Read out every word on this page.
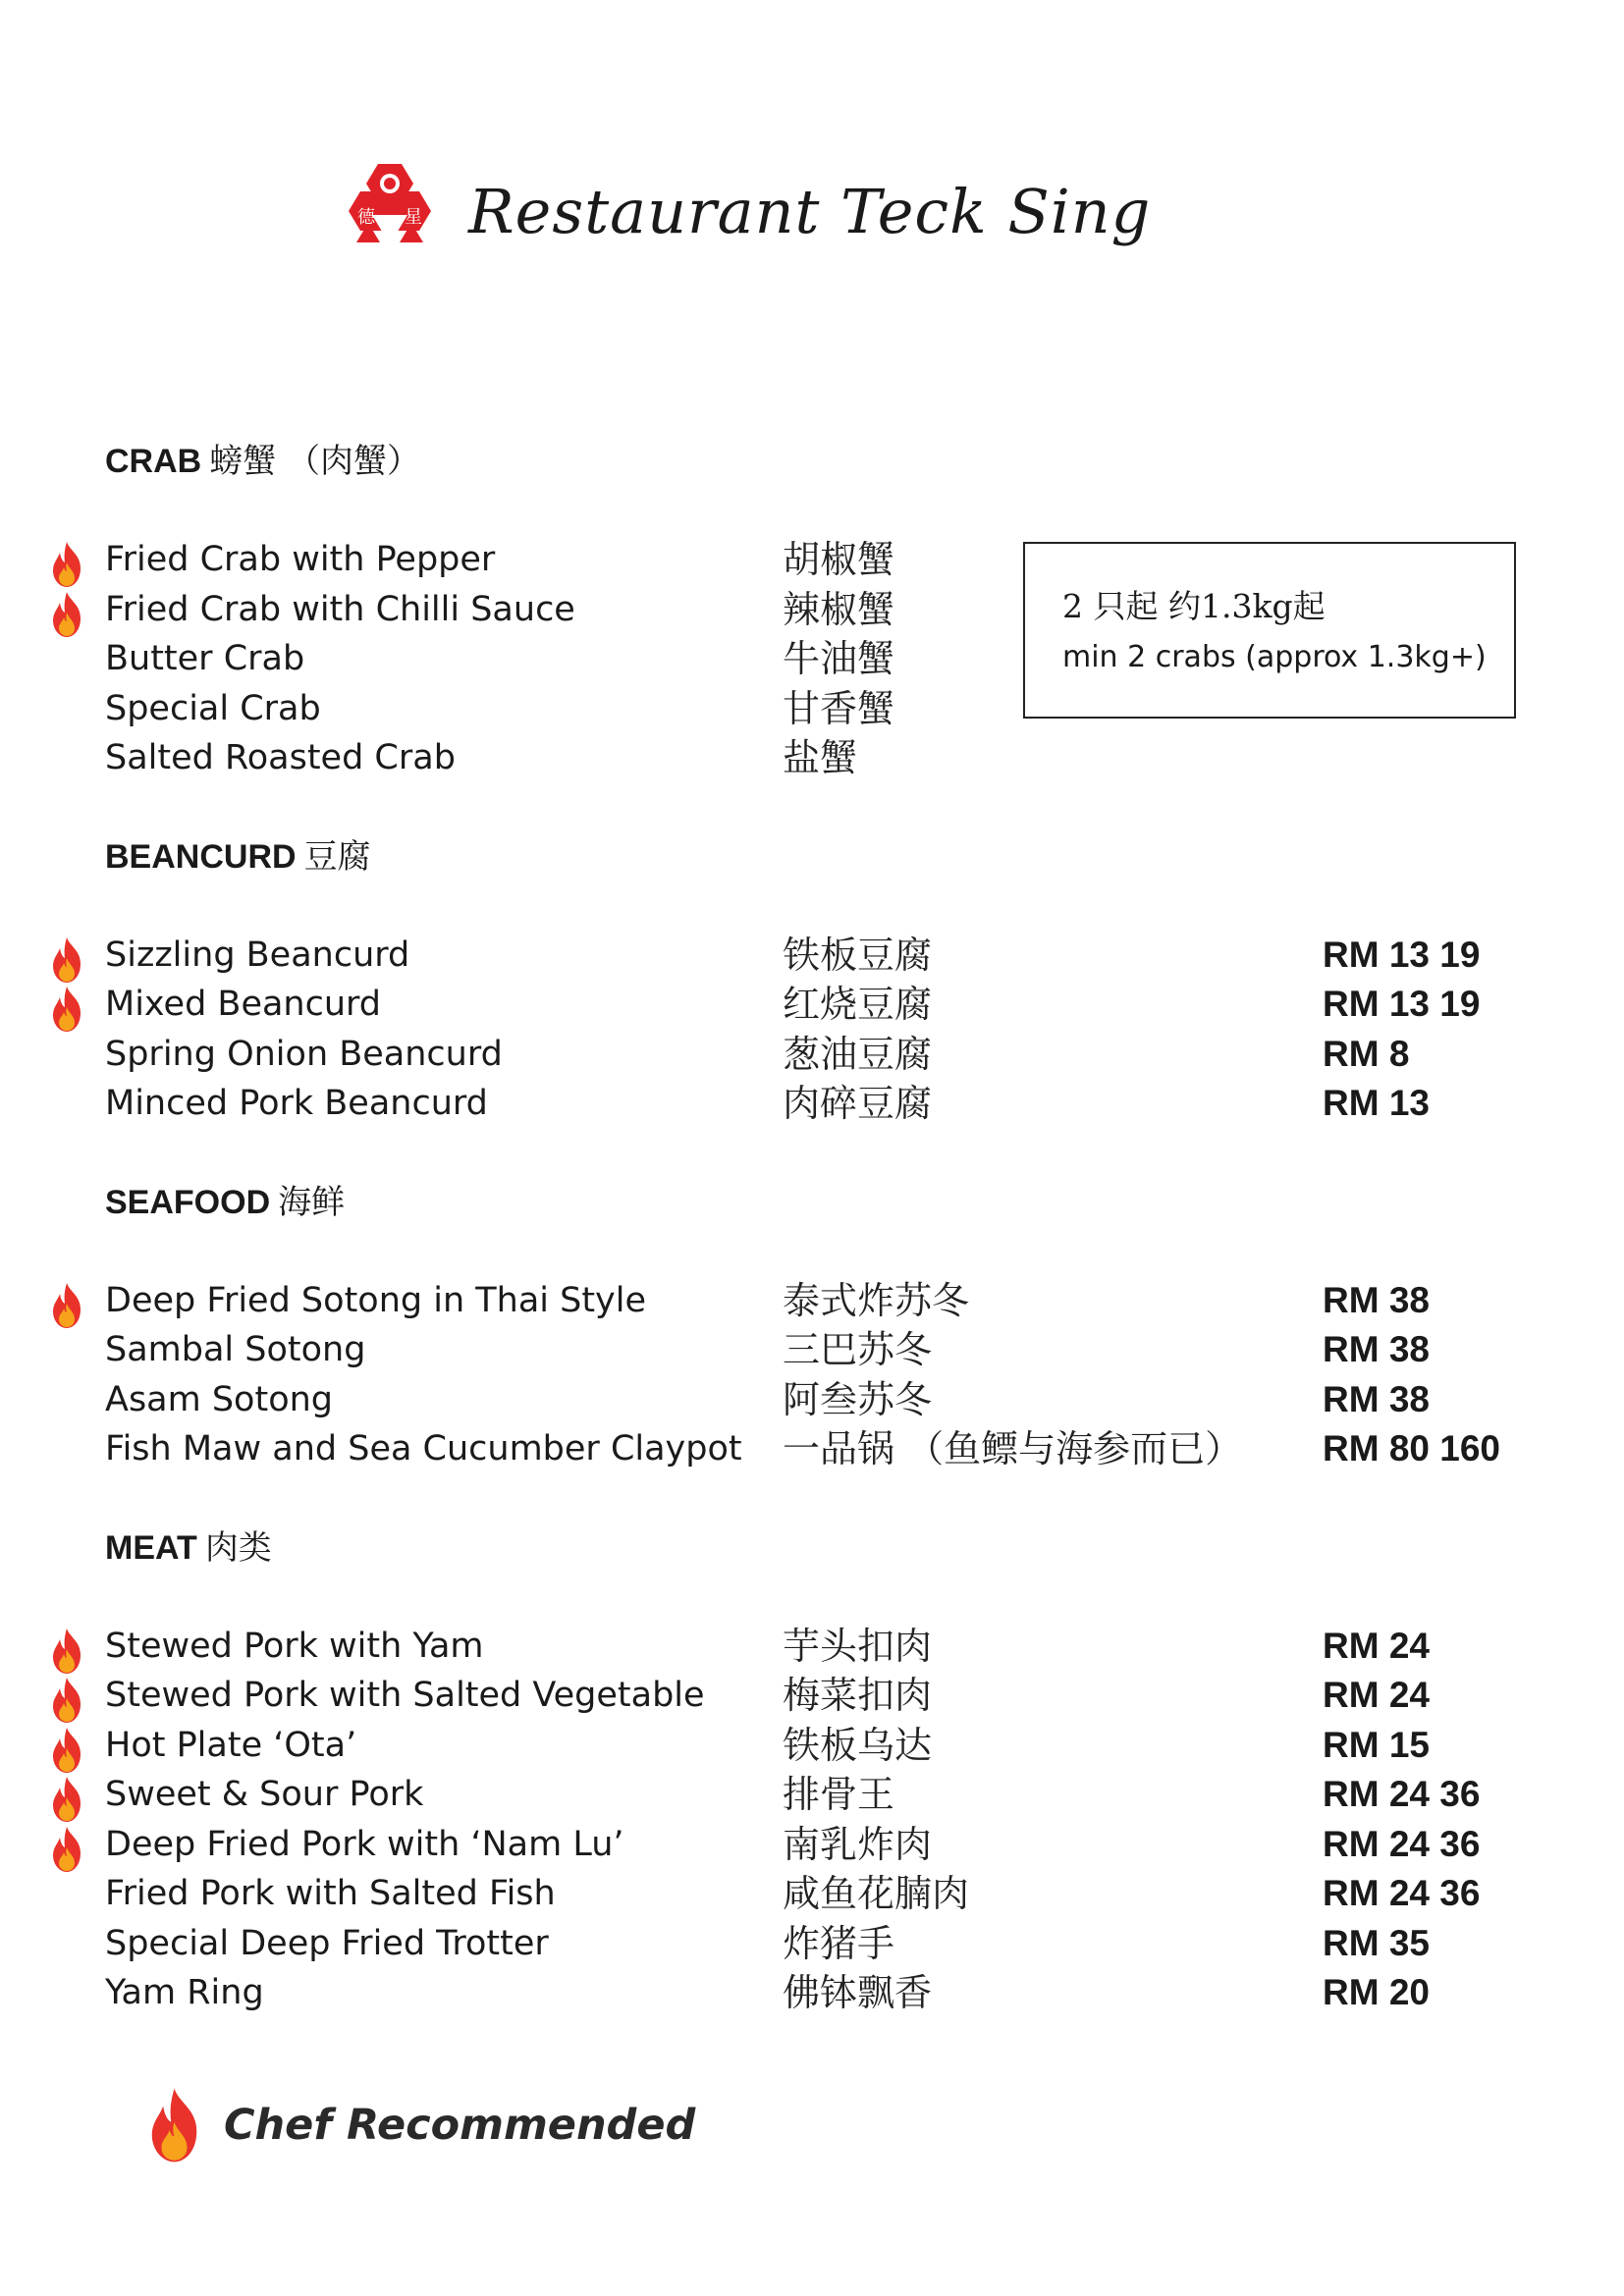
德 星 Restaurant Teck Sing
CRAB 螃蟹 （肉蟹）
Fried Crab with Pepper	胡椒蟹
Fried Crab with Chilli Sauce	辣椒蟹
Butter Crab	牛油蟹
Special Crab	甘香蟹
Salted Roasted Crab	盐蟹
2 只起 约1.3kg起
min 2 crabs (approx 1.3kg+)
BEANCURD 豆腐
Sizzling Beancurd	铁板豆腐	RM 13 19
Mixed Beancurd	红烧豆腐	RM 13 19
Spring Onion Beancurd	葱油豆腐	RM 8
Minced Pork Beancurd	肉碎豆腐	RM 13
SEAFOOD 海鲜
Deep Fried Sotong in Thai Style	泰式炸苏冬	RM 38
Sambal Sotong	三巴苏冬	RM 38
Asam Sotong	阿叁苏冬	RM 38
Fish Maw and Sea Cucumber Claypot 一品锅 （鱼鳔与海参而已） RM 80 160
MEAT 肉类
Stewed Pork with Yam	芋头扣肉	RM 24
Stewed Pork with Salted Vegetable 梅菜扣肉	RM 24
Hot Plate ‘Ota’	铁板乌达	RM 15
Sweet & Sour Pork	排骨王	RM 24 36
Deep Fried Pork with ‘Nam Lu’	南乳炸肉	RM 24 36
Fried Pork with Salted Fish	咸鱼花腩肉	RM 24 36
Special Deep Fried Trotter	炸猪手	RM 35
Yam Ring	佛钵飘香	RM 20
Chef Recommended
